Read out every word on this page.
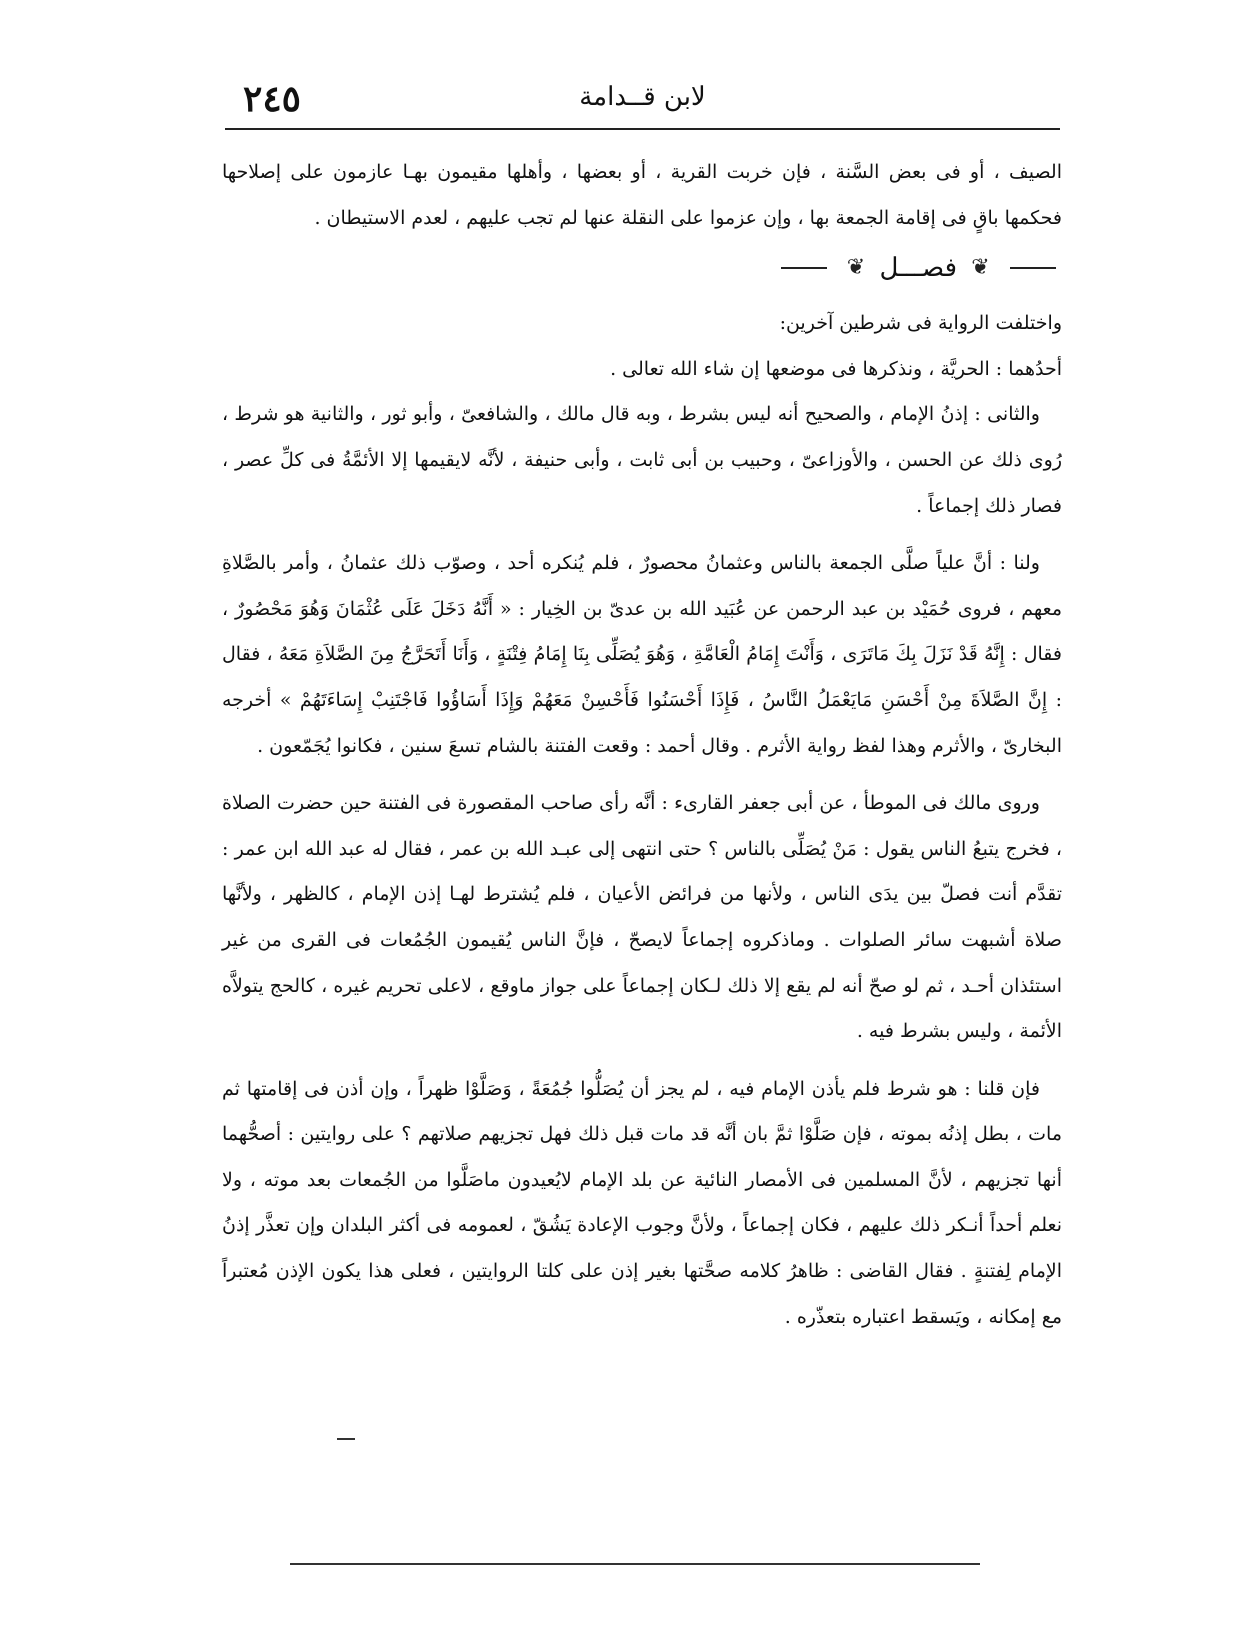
لابن قــدامة
٢٤٥

الصيف ، أو فى بعض السَّنة ، فإن خربت القرية ، أو بعضها ، وأهلها مقيمون بهـا عازمون على إصلاحها فحكمها باقٍ فى إقامة الجمعة بها ، وإن عزموا على النقلة عنها لم تجب عليهم ، لعدم الاستيطان .

❦ فصـــل ❦

واختلفت الرواية فى شرطين آخرين:

أحدُهما : الحريَّة ، ونذكرها فى موضعها إن شاء الله تعالى .

والثانى : إذنُ الإمام ، والصحيح أنه ليس بشرط ، وبه قال مالك ، والشافعىّ ، وأبو ثور ، والثانية هو شرط ، رُوى ذلك عن الحسن ، والأوزاعىّ ، وحبيب بن أبى ثابت ، وأبى حنيفة ، لأنَّه لايقيمها إلا الأئمَّةُ فى كلِّ عصر ، فصار ذلك إجماعاً .

ولنا : أنَّ علياً صلَّى الجمعة بالناس وعثمانُ محصورٌ ، فلم يُنكره أحد ، وصوّب ذلك عثمانُ ، وأمر بالصَّلاةِ معهم ، فروى حُمَيْد بن عبد الرحمن عن عُبَيد الله بن عدىّ بن الخِيار : « أَنَّهُ دَخَلَ عَلَى عُثْمَانَ وَهُوَ مَحْصُورٌ ، فقال : إِنَّهُ قَدْ نَزَلَ بِكَ مَاتَرَى ، وَأَنْتَ إِمَامُ الْعَامَّةِ ، وَهُوَ يُصَلِّى بِنَا إِمَامُ فِتْنَةٍ ، وَأَنَا أَتَحَرَّجُ مِنَ الصَّلاَةِ مَعَهُ ، فقال : إِنَّ الصَّلاَةَ مِنْ أَحْسَنِ مَايَعْمَلُ النَّاسُ ، فَإِذَا أَحْسَنُوا فَأَحْسِنْ مَعَهُمْ وَإِذَا أَسَاؤُوا فَاجْتَنِبْ إِسَاءَتَهُمْ » أخرجه البخارىّ ، والأثرم وهذا لفظ رواية الأثرم . وقال أحمد : وقعت الفتنة بالشام تسعَ سنين ، فكانوا يُجَمّعون .

وروى مالك فى الموطأ ، عن أبى جعفر القارىء : أنَّه رأى صاحب المقصورة فى الفتنة حين حضرت الصلاة ، فخرج يتبعُ الناس يقول : مَنْ يُصَلِّى بالناس ؟ حتى انتهى إلى عبـد الله بن عمر ، فقال له عبد الله ابن عمر : تقدَّم أنت فصلّ بين يدَى الناس ، ولأنها من فرائض الأعيان ، فلم يُشترط لهـا إذن الإمام ، كالظهر ، ولأنَّها صلاة أشبهت سائر الصلوات . وماذكروه إجماعاً لايصحّ ، فإنَّ الناس يُقيمون الجُمُعات فى القرى من غير استئذان أحـد ، ثم لو صحّ أنه لم يقع إلا ذلك لـكان إجماعاً على جواز ماوقع ، لاعلى تحريم غيره ، كالحج يتولاَّه الأئمة ، وليس بشرط فيه .

فإن قلنا : هو شرط فلم يأذن الإمام فيه ، لم يجز أن يُصَلُّوا جُمُعَةً ، وَصَلَّوْا ظهراً ، وإن أذن فى إقامتها ثم مات ، بطل إذنُه بموته ، فإن صَلَّوْا ثمَّ بان أنَّه قد مات قبل ذلك فهل تجزيهم صلاتهم ؟ على روايتين : أصحُّهما أنها تجزيهم ، لأنَّ المسلمين فى الأمصار النائية عن بلد الإمام لايُعيدون ماصَلَّوا من الجُمعات بعد موته ، ولا نعلم أحداً أنـكر ذلك عليهم ، فكان إجماعاً ، ولأنَّ وجوب الإعادة يَشُقّ ، لعمومه فى أكثر البلدان وإن تعذَّر إذنُ الإمام لِفتنةٍ . فقال القاضى : ظاهرُ كلامه صحَّتها بغير إذن على كلتا الروايتين ، فعلى هذا يكون الإذن مُعتبراً مع إمكانه ، ويَسقط اعتباره بتعذّره .
